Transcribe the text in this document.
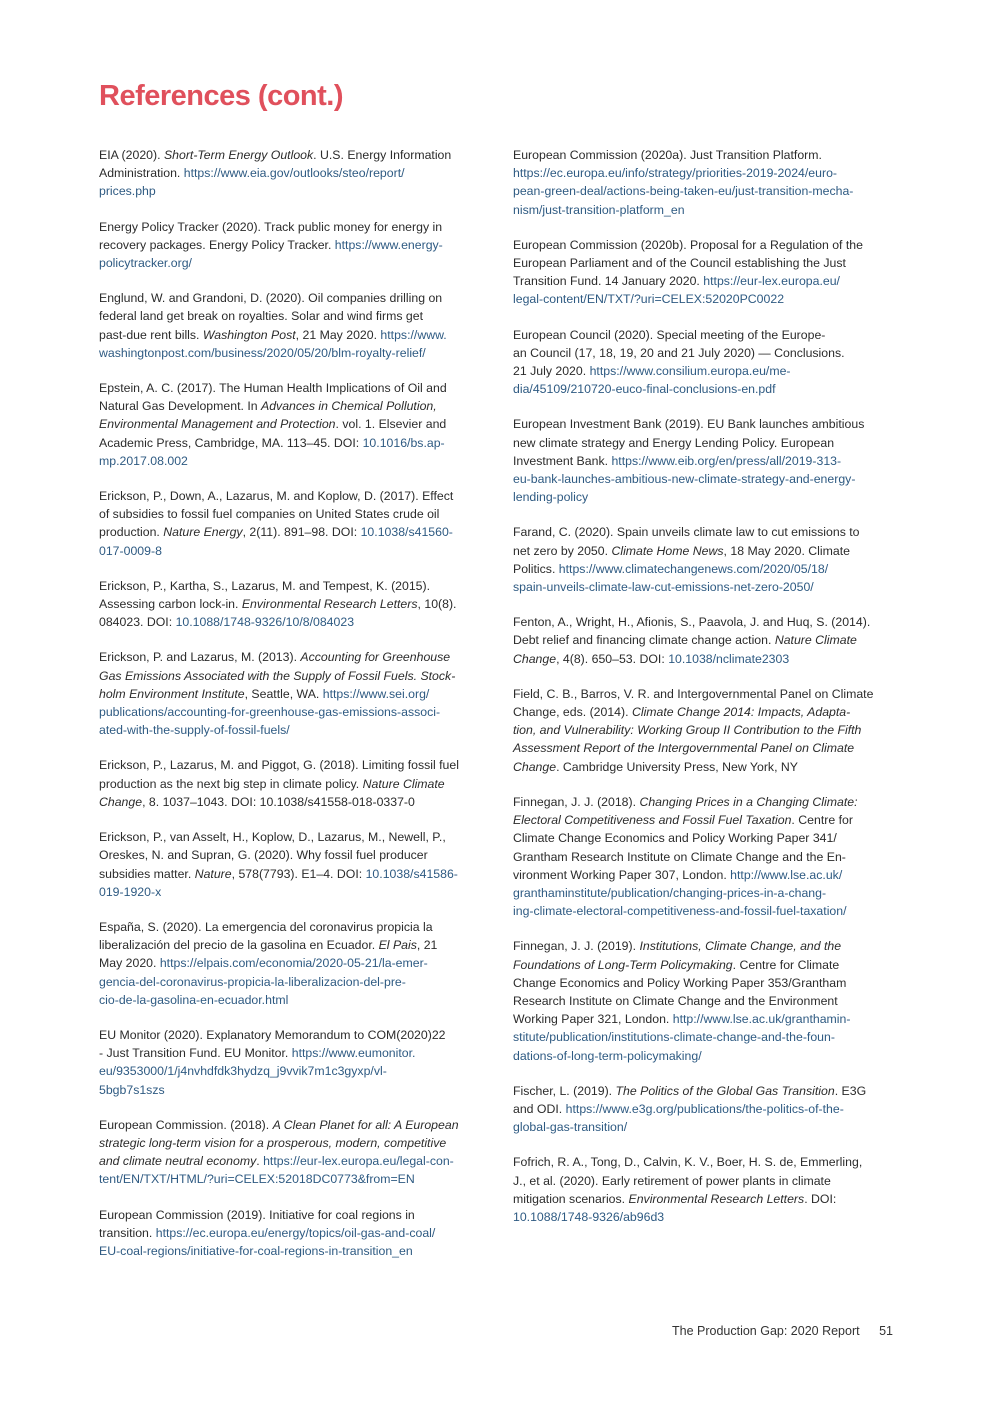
References (cont.)

EIA (2020). Short-Term Energy Outlook. U.S. Energy Information
Administration. https://www.eia.gov/outlooks/steo/report/
prices.php

Energy Policy Tracker (2020). Track public money for energy in
recovery packages. Energy Policy Tracker. https://www.energy-
policytracker.org/

Englund, W. and Grandoni, D. (2020). Oil companies drilling on
federal land get break on royalties. Solar and wind firms get
past-due rent bills. Washington Post, 21 May 2020. https://www.
washingtonpost.com/business/2020/05/20/blm-royalty-relief/

Epstein, A. C. (2017). The Human Health Implications of Oil and
Natural Gas Development. In Advances in Chemical Pollution,
Environmental Management and Protection. vol. 1. Elsevier and
Academic Press, Cambridge, MA. 113–45. DOI: 10.1016/bs.ap-
mp.2017.08.002

Erickson, P., Down, A., Lazarus, M. and Koplow, D. (2017). Effect
of subsidies to fossil fuel companies on United States crude oil
production. Nature Energy, 2(11). 891–98. DOI: 10.1038/s41560-
017-0009-8

Erickson, P., Kartha, S., Lazarus, M. and Tempest, K. (2015).
Assessing carbon lock-in. Environmental Research Letters, 10(8).
084023. DOI: 10.1088/1748-9326/10/8/084023

Erickson, P. and Lazarus, M. (2013). Accounting for Greenhouse
Gas Emissions Associated with the Supply of Fossil Fuels. Stock-
holm Environment Institute, Seattle, WA. https://www.sei.org/
publications/accounting-for-greenhouse-gas-emissions-associ-
ated-with-the-supply-of-fossil-fuels/

Erickson, P., Lazarus, M. and Piggot, G. (2018). Limiting fossil fuel
production as the next big step in climate policy. Nature Climate
Change, 8. 1037–1043. DOI: 10.1038/s41558-018-0337-0

Erickson, P., van Asselt, H., Koplow, D., Lazarus, M., Newell, P.,
Oreskes, N. and Supran, G. (2020). Why fossil fuel producer
subsidies matter. Nature, 578(7793). E1–4. DOI: 10.1038/s41586-
019-1920-x

España, S. (2020). La emergencia del coronavirus propicia la
liberalización del precio de la gasolina en Ecuador. El Pais, 21
May 2020. https://elpais.com/economia/2020-05-21/la-emer-
gencia-del-coronavirus-propicia-la-liberalizacion-del-pre-
cio-de-la-gasolina-en-ecuador.html

EU Monitor (2020). Explanatory Memorandum to COM(2020)22
- Just Transition Fund. EU Monitor. https://www.eumonitor.
eu/9353000/1/j4nvhdfdk3hydzq_j9vvik7m1c3gyxp/vl-
5bgb7s1szs

European Commission. (2018). A Clean Planet for all: A European
strategic long-term vision for a prosperous, modern, competitive
and climate neutral economy. https://eur-lex.europa.eu/legal-con-
tent/EN/TXT/HTML/?uri=CELEX:52018DC0773&from=EN

European Commission (2019). Initiative for coal regions in
transition. https://ec.europa.eu/energy/topics/oil-gas-and-coal/
EU-coal-regions/initiative-for-coal-regions-in-transition_en

European Commission (2020a). Just Transition Platform.
https://ec.europa.eu/info/strategy/priorities-2019-2024/euro-
pean-green-deal/actions-being-taken-eu/just-transition-mecha-
nism/just-transition-platform_en

European Commission (2020b). Proposal for a Regulation of the
European Parliament and of the Council establishing the Just
Transition Fund. 14 January 2020. https://eur-lex.europa.eu/
legal-content/EN/TXT/?uri=CELEX:52020PC0022

European Council (2020). Special meeting of the Europe-
an Council (17, 18, 19, 20 and 21 July 2020) — Conclusions.
21 July 2020. https://www.consilium.europa.eu/me-
dia/45109/210720-euco-final-conclusions-en.pdf

European Investment Bank (2019). EU Bank launches ambitious
new climate strategy and Energy Lending Policy. European
Investment Bank. https://www.eib.org/en/press/all/2019-313-
eu-bank-launches-ambitious-new-climate-strategy-and-energy-
lending-policy

Farand, C. (2020). Spain unveils climate law to cut emissions to
net zero by 2050. Climate Home News, 18 May 2020. Climate
Politics. https://www.climatechangenews.com/2020/05/18/
spain-unveils-climate-law-cut-emissions-net-zero-2050/

Fenton, A., Wright, H., Afionis, S., Paavola, J. and Huq, S. (2014).
Debt relief and financing climate change action. Nature Climate
Change, 4(8). 650–53. DOI: 10.1038/nclimate2303

Field, C. B., Barros, V. R. and Intergovernmental Panel on Climate
Change, eds. (2014). Climate Change 2014: Impacts, Adapta-
tion, and Vulnerability: Working Group II Contribution to the Fifth
Assessment Report of the Intergovernmental Panel on Climate
Change. Cambridge University Press, New York, NY

Finnegan, J. J. (2018). Changing Prices in a Changing Climate:
Electoral Competitiveness and Fossil Fuel Taxation. Centre for
Climate Change Economics and Policy Working Paper 341/
Grantham Research Institute on Climate Change and the En-
vironment Working Paper 307, London. http://www.lse.ac.uk/
granthaminstitute/publication/changing-prices-in-a-chang-
ing-climate-electoral-competitiveness-and-fossil-fuel-taxation/

Finnegan, J. J. (2019). Institutions, Climate Change, and the
Foundations of Long-Term Policymaking. Centre for Climate
Change Economics and Policy Working Paper 353/Grantham
Research Institute on Climate Change and the Environment
Working Paper 321, London. http://www.lse.ac.uk/granthamin-
stitute/publication/institutions-climate-change-and-the-foun-
dations-of-long-term-policymaking/

Fischer, L. (2019). The Politics of the Global Gas Transition. E3G
and ODI. https://www.e3g.org/publications/the-politics-of-the-
global-gas-transition/

Fofrich, R. A., Tong, D., Calvin, K. V., Boer, H. S. de, Emmerling,
J., et al. (2020). Early retirement of power plants in climate
mitigation scenarios. Environmental Research Letters. DOI:
10.1088/1748-9326/ab96d3

The Production Gap: 2020 Report 51
